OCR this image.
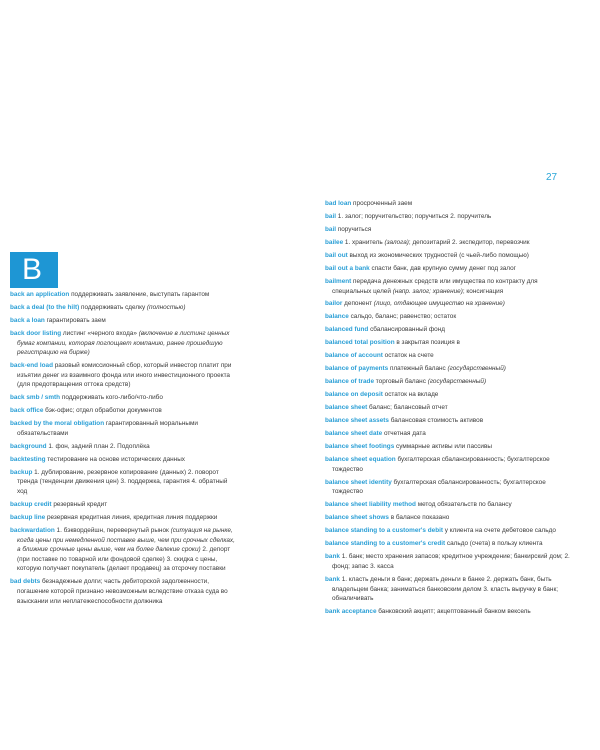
27
B
back an application поддерживать заявление, выступать гарантом
back a deal (to the hilt) поддерживать сделку (полностью)
back a loan гарантировать заем
back door listing листинг «черного входа» (включение в листинг ценных бумаг компании, которая поглощает компанию, ранее прошедшую регистрацию на бирже)
back-end load разовый комиссионный сбор, который инвестор платит при изъятии денег из взаимного фонда или иного инвестиционного проекта (для предотвращения оттока средств)
back smb / smth поддерживать кого-либо/что-либо
back office бэк-офис; отдел обработки документов
backed by the moral obligation гарантированный моральными обязательствами
background 1. фон, задний план 2. Подоплёка
backtesting тестирование на основе исторических данных
backup 1. дублирование, резервное копирование (данных) 2. поворот тренда (тенденции движения цен) 3. поддержка, гарантия 4. обратный ход
backup credit резервный кредит
backup line резервная кредитная линия, кредитная линия поддержки
backwardation 1. бэквордейшн, перевернутый рынок (ситуация на рынке, когда цены при немедленной поставке выше, чем при срочных сделках, а ближние срочные цены выше, чем на более далекие сроки) 2. депорт (при поставке по товарной или фондовой сделке) 3. скидка с цены, которую получает покупатель (делает продавец) за отсрочку поставки
bad debts безнадежные долги; часть дебиторской задолженности, погашение которой признано невозможным вследствие отказа суда во взыскании или неплатежеспособности должника
bad loan просроченный заем
bail 1. залог; поручительство; поручиться 2. поручитель
bail поручиться
bailee 1. хранитель (залога); депозитарий 2. экспедитор, перевозчик
bail out выход из экономических трудностей (с чьей-либо помощью)
bail out a bank спасти банк, дав крупную сумму денег под залог
bailment передача денежных средств или имущества по контракту для специальных целей (напр. залог; хранение); консигнация
bailor депонент (лицо, отдающее имущество на хранение)
balance сальдо, баланс; равенство; остаток
balanced fund сбалансированный фонд
balanced total position в закрытая позиция в
balance of account остаток на счете
balance of payments платежный баланс (государственный)
balance of trade торговый баланс (государственный)
balance on deposit остаток на вкладе
balance sheet баланс; балансовый отчет
balance sheet assets балансовая стоимость активов
balance sheet date отчетная дата
balance sheet footings суммарные активы или пассивы
balance sheet equation бухгалтерская сбалансированность; бухгалтерское тождество
balance sheet identity бухгалтерская сбалансированность; бухгалтерское тождество
balance sheet liability method метод обязательств по балансу
balance sheet shows в балансе показано
balance standing to a customer's debit у клиента на счете дебетовое сальдо
balance standing to a customer's credit сальдо (счета) в пользу клиента
bank 1. банк; место хранения запасов; кредитное учреждение; банкирский дом; 2. фонд; запас 3. касса
bank 1. класть деньги в банк; держать деньги в банке 2. держать банк, быть владельцем банка; заниматься банковским делом 3. класть выручку в банк; обналичивать
bank acceptance банковский акцепт; акцептованный банком вексель
